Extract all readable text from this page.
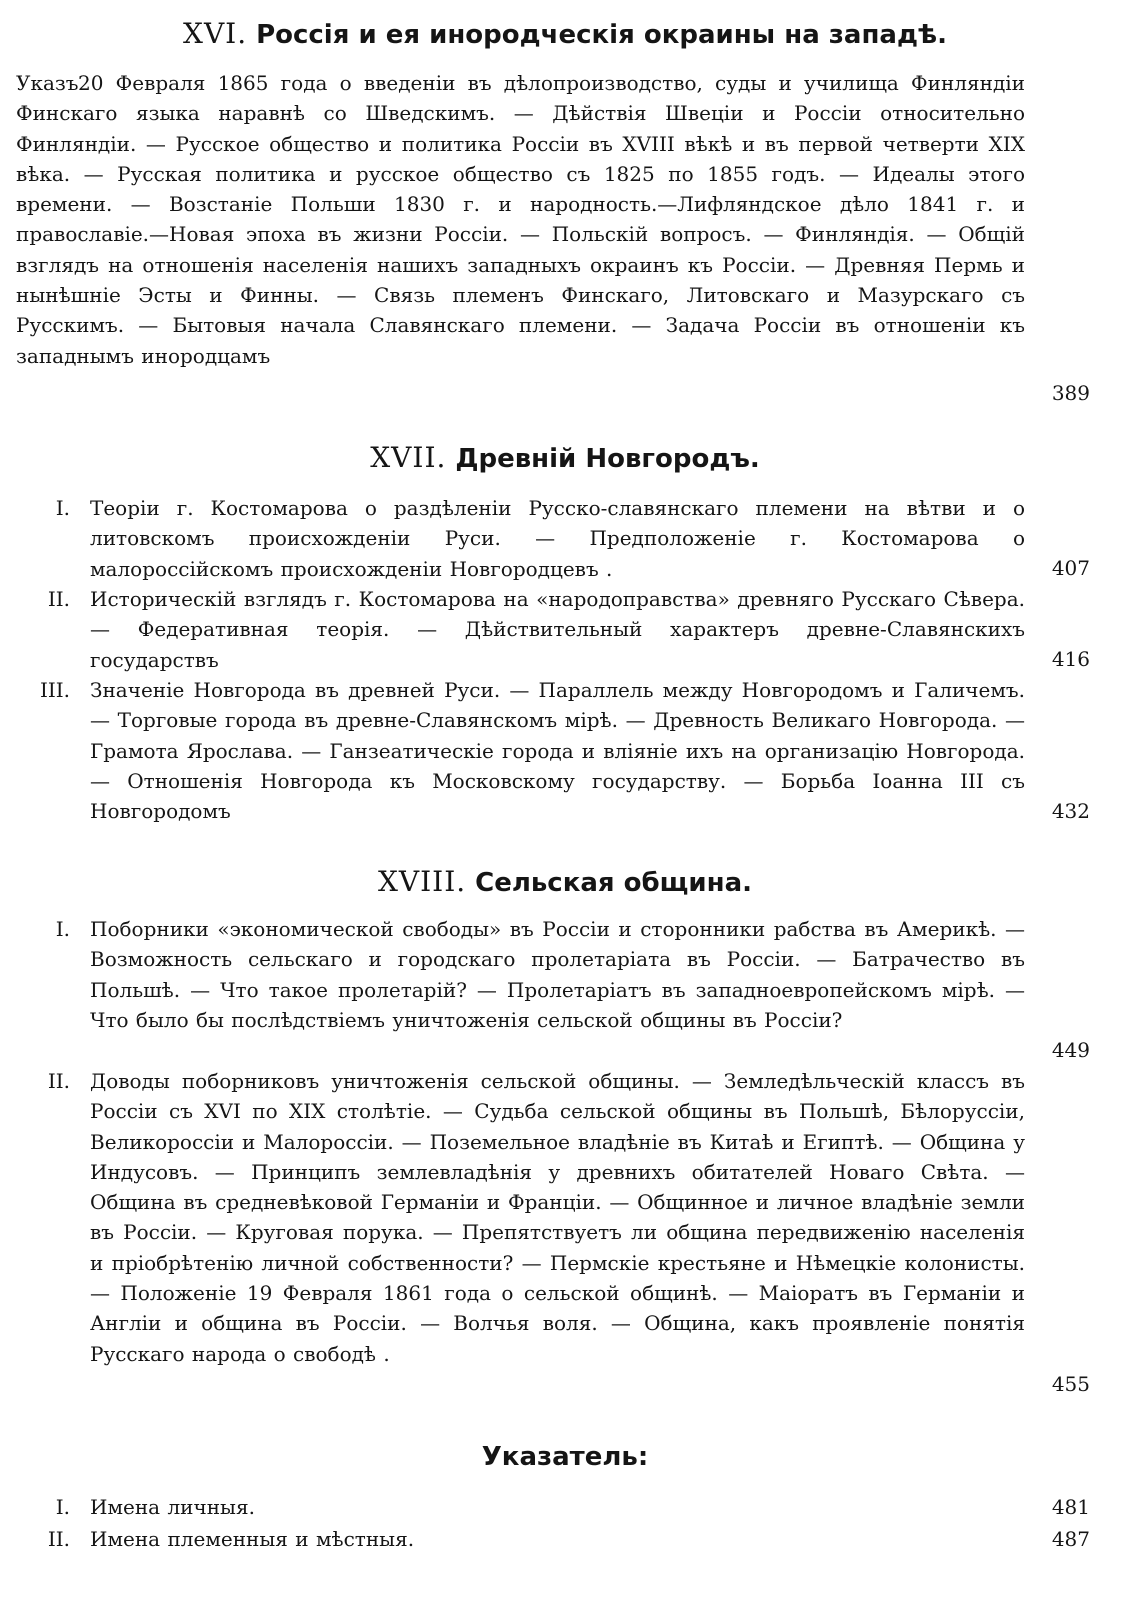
XVI. Россія и ея инородческія окраины на западѣ.
Указъ 20 Февраля 1865 года о введеніи въ дѣлопроизводство, суды и училища Финляндіи Финскаго языка наравнѣ со Шведскимъ. — Дѣйствія Швеціи и Россіи относительно Финляндіи. — Русское общество и политика Россіи въ XVIII вѣкѣ и въ первой четверти XIX вѣка. — Русская политика и русское общество съ 1825 по 1855 годъ. — Идеалы этого времени. — Возстаніе Польши 1830 г. и народность.—Лифляндское дѣло 1841 г. и православіе.—Новая эпоха въ жизни Россіи. — Польскій вопросъ. — Финляндія. — Общій взглядъ на отношенія населенія нашихъ западныхъ окраинъ къ Россіи. — Древняя Пермь и нынѣшніе Эсты и Финны. — Связь племенъ Финскаго, Литовскаго и Мазурскаго съ Русскимъ. — Бытовыя начала Славянскаго племени. — Задача Россіи въ отношеніи къ западнымъ инородцамъ
389
XVII. Древній Новгородъ.
I. Теоріи г. Костомарова о раздѣленіи Русско-славянскаго племени на вѣтви и о литовскомъ происхожденіи Руси. — Предположеніе г. Костомарова о малороссійскомъ происхожденіи Новгородцевъ .	407
II. Историческій взглядъ г. Костомарова на «народоправства» древняго Русскаго Сѣвера. — Федеративная теорія. — Дѣйствительный характеръ древне-Славянскихъ государствъ	416
III. Значеніе Новгорода въ древней Руси. — Параллель между Новгородомъ и Галичемъ. — Торговые города въ древне-Славянскомъ мірѣ. — Древность Великаго Новгорода. — Грамота Ярослава. — Ганзеатическіе города и вліяніе ихъ на организацію Новгорода. — Отношенія Новгорода къ Московскому государству. — Борьба Іоанна III съ Новгородомъ	432
XVIII. Сельская община.
I. Поборники «экономической свободы» въ Россіи и сторонники рабства въ Америкѣ. — Возможность сельскаго и городскаго пролетаріата въ Россіи. — Батрачество въ Польшѣ. — Что такое пролетарій? — Пролетаріатъ въ западноевропейскомъ мірѣ. — Что было бы послѣдствіемъ уничтоженія сельской общины въ Россіи?
449
II. Доводы поборниковъ уничтоженія сельской общины. — Земледѣльческій классъ въ Россіи съ XVI по XIX столѣтіе. — Судьба сельской общины въ Польшѣ, Бѣлоруссіи, Великороссіи и Малороссіи. — Поземельное владѣніе въ Китаѣ и Египтѣ. — Община у Индусовъ. — Принципъ землевладѣнія у древнихъ обитателей Новаго Свѣта. — Община въ средневѣковой Германіи и Франціи. — Общинное и личное владѣніе земли въ Россіи. — Круговая порука. — Препятствуетъ ли община передвиженію населенія и пріобрѣтенію личной собственности? — Пермскіе крестьяне и Нѣмецкіе колонисты. — Положеніе 19 Февраля 1861 года о сельской общинѣ. — Маіоратъ въ Германіи и Англіи и община въ Россіи. — Волчья воля. — Община, какъ проявленіе понятія Русскаго народа о свободѣ .
455
Указатель:
I. Имена личныя.	481
II. Имена племенныя и мѣстныя.	487
